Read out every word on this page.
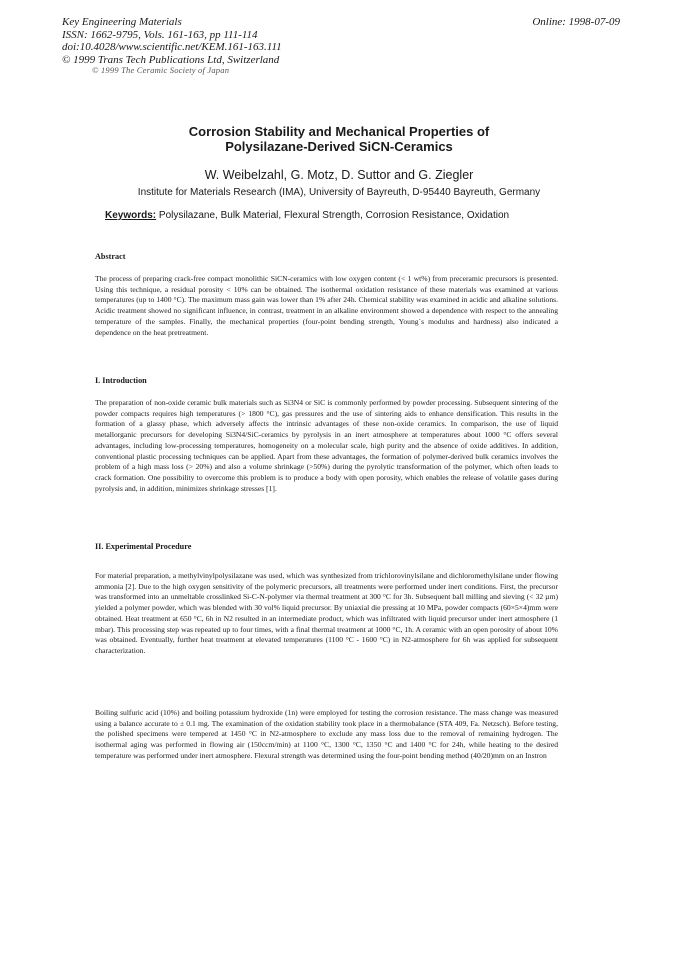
Key Engineering Materials
ISSN: 1662-9795, Vols. 161-163, pp 111-114
doi:10.4028/www.scientific.net/KEM.161-163.111
© 1999 Trans Tech Publications Ltd, Switzerland
Online: 1998-07-09
© 1999 The Ceramic Society of Japan
Corrosion Stability and Mechanical Properties of
Polysilazane-Derived SiCN-Ceramics
W. Weibelzahl, G. Motz, D. Suttor and G. Ziegler
Institute for Materials Research (IMA), University of Bayreuth, D-95440 Bayreuth, Germany
Keywords: Polysilazane, Bulk Material, Flexural Strength, Corrosion Resistance, Oxidation
Abstract
The process of preparing crack-free compact monolithic SiCN-ceramics with low oxygen content (< 1 wt%) from preceramic precursors is presented. Using this technique, a residual porosity < 10% can be obtained. The isothermal oxidation resistance of these materials was examined at various temperatures (up to 1400 °C). The maximum mass gain was lower than 1% after 24h. Chemical stability was examined in acidic and alkaline solutions. Acidic treatment showed no significant influence, in contrast, treatment in an alkaline environment showed a dependence with respect to the annealing temperature of the samples. Finally, the mechanical properties (four-point bending strength, Young´s modulus and hardness) also indicated a dependence on the heat pretreatment.
I. Introduction
The preparation of non-oxide ceramic bulk materials such as Si3N4 or SiC is commonly performed by powder processing. Subsequent sintering of the powder compacts requires high temperatures (> 1800 °C), gas pressures and the use of sintering aids to enhance densification. This results in the formation of a glassy phase, which adversely affects the intrinsic advantages of these non-oxide ceramics. In comparison, the use of liquid metallorganic precursors for developing Si3N4/SiC-ceramics by pyrolysis in an inert atmosphere at temperatures about 1000 °C offers several advantages, including low-processing temperatures, homogeneity on a molecular scale, high purity and the absence of oxide additives. In addition, conventional plastic processing techniques can be applied. Apart from these advantages, the formation of polymer-derived bulk ceramics involves the problem of a high mass loss (> 20%) and also a volume shrinkage (>50%) during the pyrolytic transformation of the polymer, which often leads to crack formation. One possibility to overcome this problem is to produce a body with open porosity, which enables the release of volatile gases during pyrolysis and, in addition, minimizes shrinkage stresses [1].
II. Experimental Procedure
For material preparation, a methylvinylpolysilazane was used, which was synthesized from trichlorovinylsilane and dichloromethylsilane under flowing ammonia [2]. Due to the high oxygen sensitivity of the polymeric precursors, all treatments were performed under inert conditions. First, the precursor was transformed into an unmeltable crosslinked Si-C-N-polymer via thermal treatment at 300 °C for 3h. Subsequent ball milling and sieving (< 32 µm) yielded a polymer powder, which was blended with 30 vol% liquid precursor. By uniaxial die pressing at 10 MPa, powder compacts (60×5×4)mm were obtained. Heat treatment at 650 °C, 6h in N2 resulted in an intermediate product, which was infiltrated with liquid precursor under inert atmosphere (1 mbar). This processing step was repeated up to four times, with a final thermal treatment at 1000 °C, 1h. A ceramic with an open porosity of about 10% was obtained. Eventually, further heat treatment at elevated temperatures (1100 °C - 1600 °C) in N2-atmosphere for 6h was applied for subsequent characterization.
Boiling sulfuric acid (10%) and boiling potassium hydroxide (1n) were employed for testing the corrosion resistance. The mass change was measured using a balance accurate to ± 0.1 mg. The examination of the oxidation stability took place in a thermobalance (STA 409, Fa. Netzsch). Before testing, the polished specimens were tempered at 1450 °C in N2-atmosphere to exclude any mass loss due to the removal of remaining hydrogen. The isothermal aging was performed in flowing air (150ccm/min) at 1100 °C, 1300 °C, 1350 °C and 1400 °C for 24h, while heating to the desired temperature was performed under inert atmosphere. Flexural strength was determined using the four-point bending method (40/20)mm on an Instron
